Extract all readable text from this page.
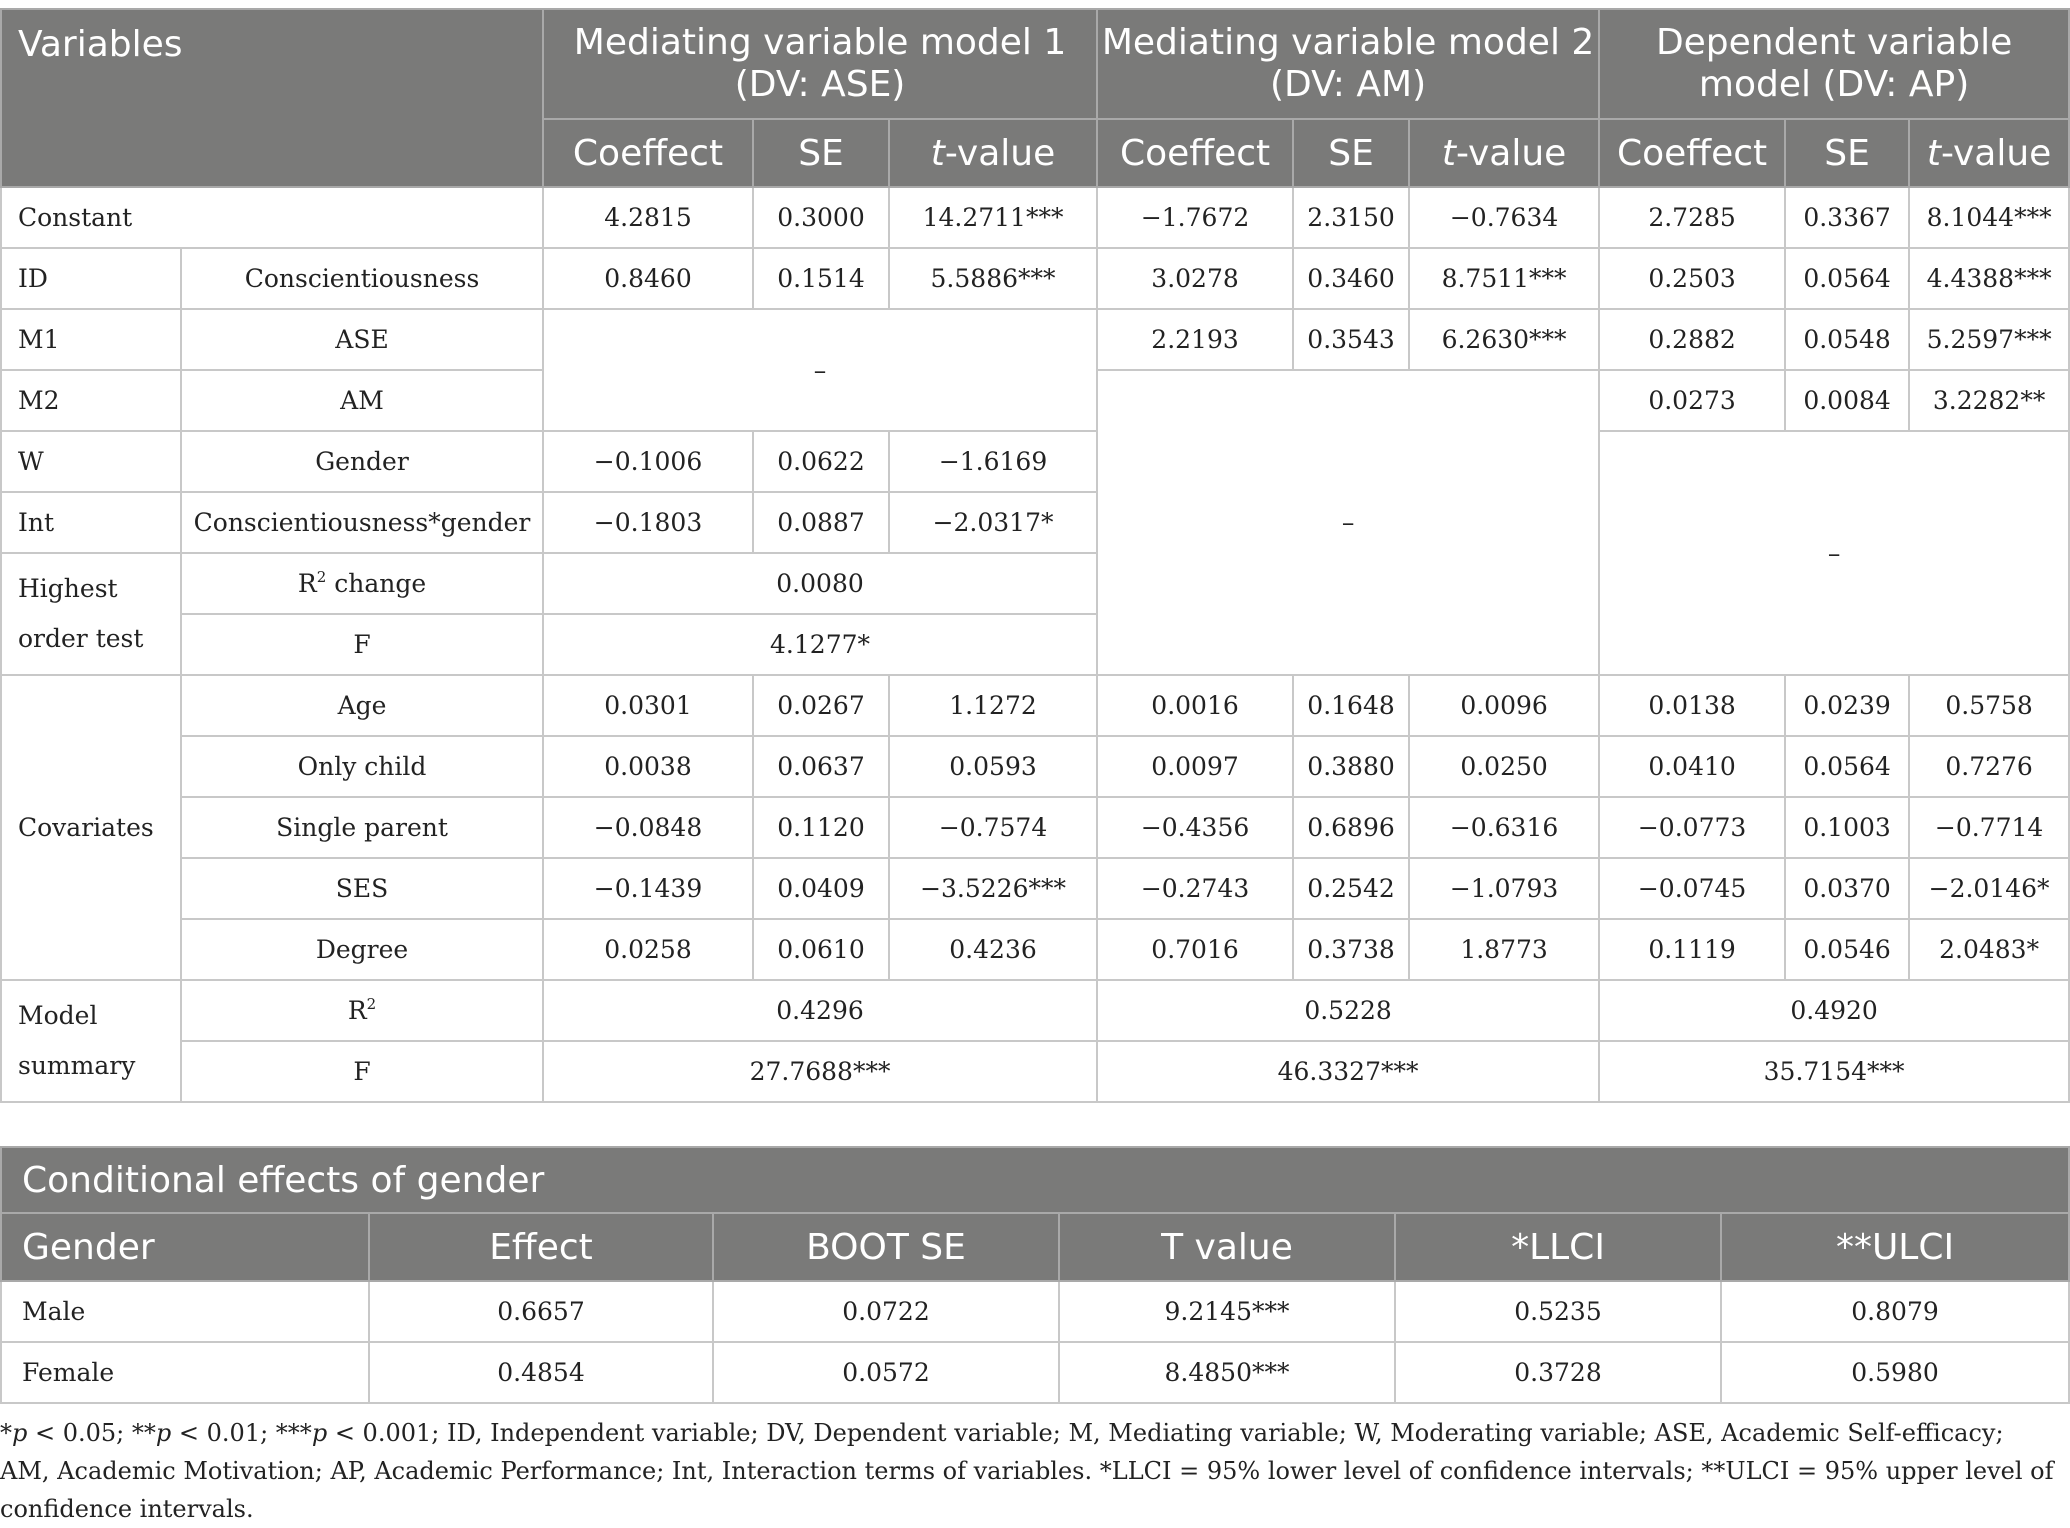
Variables		Mediating variable model 1 (DV: ASE)			Mediating variable model 2 (DV: AM)			Dependent variable model (DV: AP)		
		Coeffect	SE	t-value	Coeffect	SE	t-value	Coeffect	SE	t-value
Constant		4.2815	0.3000	14.2711***	−1.7672	2.3150	−0.7634	2.7285	0.3367	8.1044***
ID	Conscientiousness	0.8460	0.1514	5.5886***	3.0278	0.3460	8.7511***	0.2503	0.0564	4.4388***
M1	ASE	–			2.2193	0.3543	6.2630***	0.2882	0.0548	5.2597***
M2	AM				–			0.0273	0.0084	3.2282**
W	Gender	−0.1006	0.0622	−1.6169				–		
Int	Conscientiousness*gender	−0.1803	0.0887	−2.0317*						
Highest order test	$R^2$ change	0.0080								
	F	4.1277*								
Covariates	Age	0.0301	0.0267	1.1272	0.0016	0.1648	0.0096	0.0138	0.0239	0.5758
	Only child	0.0038	0.0637	0.0593	0.0097	0.3880	0.0250	0.0410	0.0564	0.7276
	Single parent	−0.0848	0.1120	−0.7574	−0.4356	0.6896	−0.6316	−0.0773	0.1003	−0.7714
	SES	−0.1439	0.0409	−3.5226***	−0.2743	0.2542	−1.0793	−0.0745	0.0370	−2.0146*
	Degree	0.0258	0.0610	0.4236	0.7016	0.3738	1.8773	0.1119	0.0546	2.0483*
Model summary	$R^2$	0.4296			0.5228			0.4920		
	F	27.7688***			46.3327***			35.7154***		
Conditional effects of gender					
Gender	Effect	BOOT SE	T value	*LLCI	**ULCI
Male	0.6657	0.0722	9.2145***	0.5235	0.8079
Female	0.4854	0.0572	8.4850***	0.3728	0.5980
*p < 0.05; **p < 0.01; ***p < 0.001; ID, Independent variable; DV, Dependent variable; M, Mediating variable; W, Moderating variable; ASE, Academic Self-efficacy; AM, Academic Motivation; AP, Academic Performance; Int, Interaction terms of variables. *LLCI = 95% lower level of confidence intervals; **ULCI = 95% upper level of confidence intervals.
